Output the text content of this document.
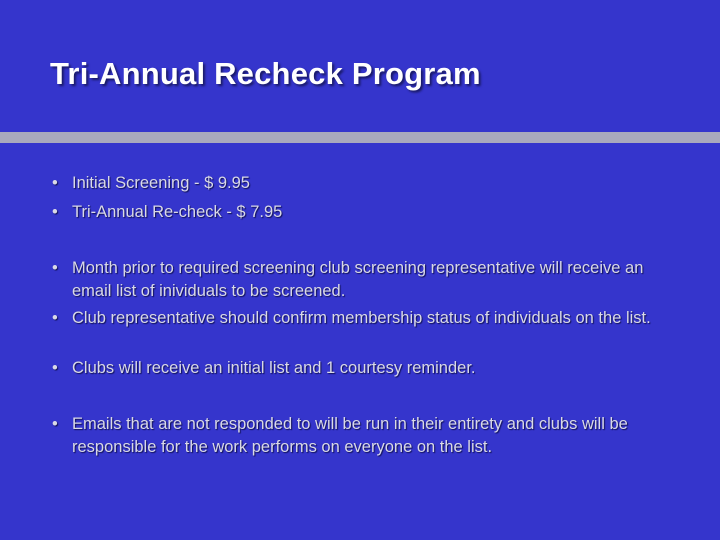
Tri-Annual Recheck Program
• Initial Screening - $ 9.95
• Tri-Annual Re-check - $ 7.95
• Month prior to required screening club screening representative will receive an email list of inividuals to be screened.
• Club representative should confirm membership status of individuals on the list.
• Clubs will receive an initial list and 1 courtesy reminder.
• Emails that are not responded to will be run in their entirety and clubs will be responsible for the work performs on everyone on the list.
